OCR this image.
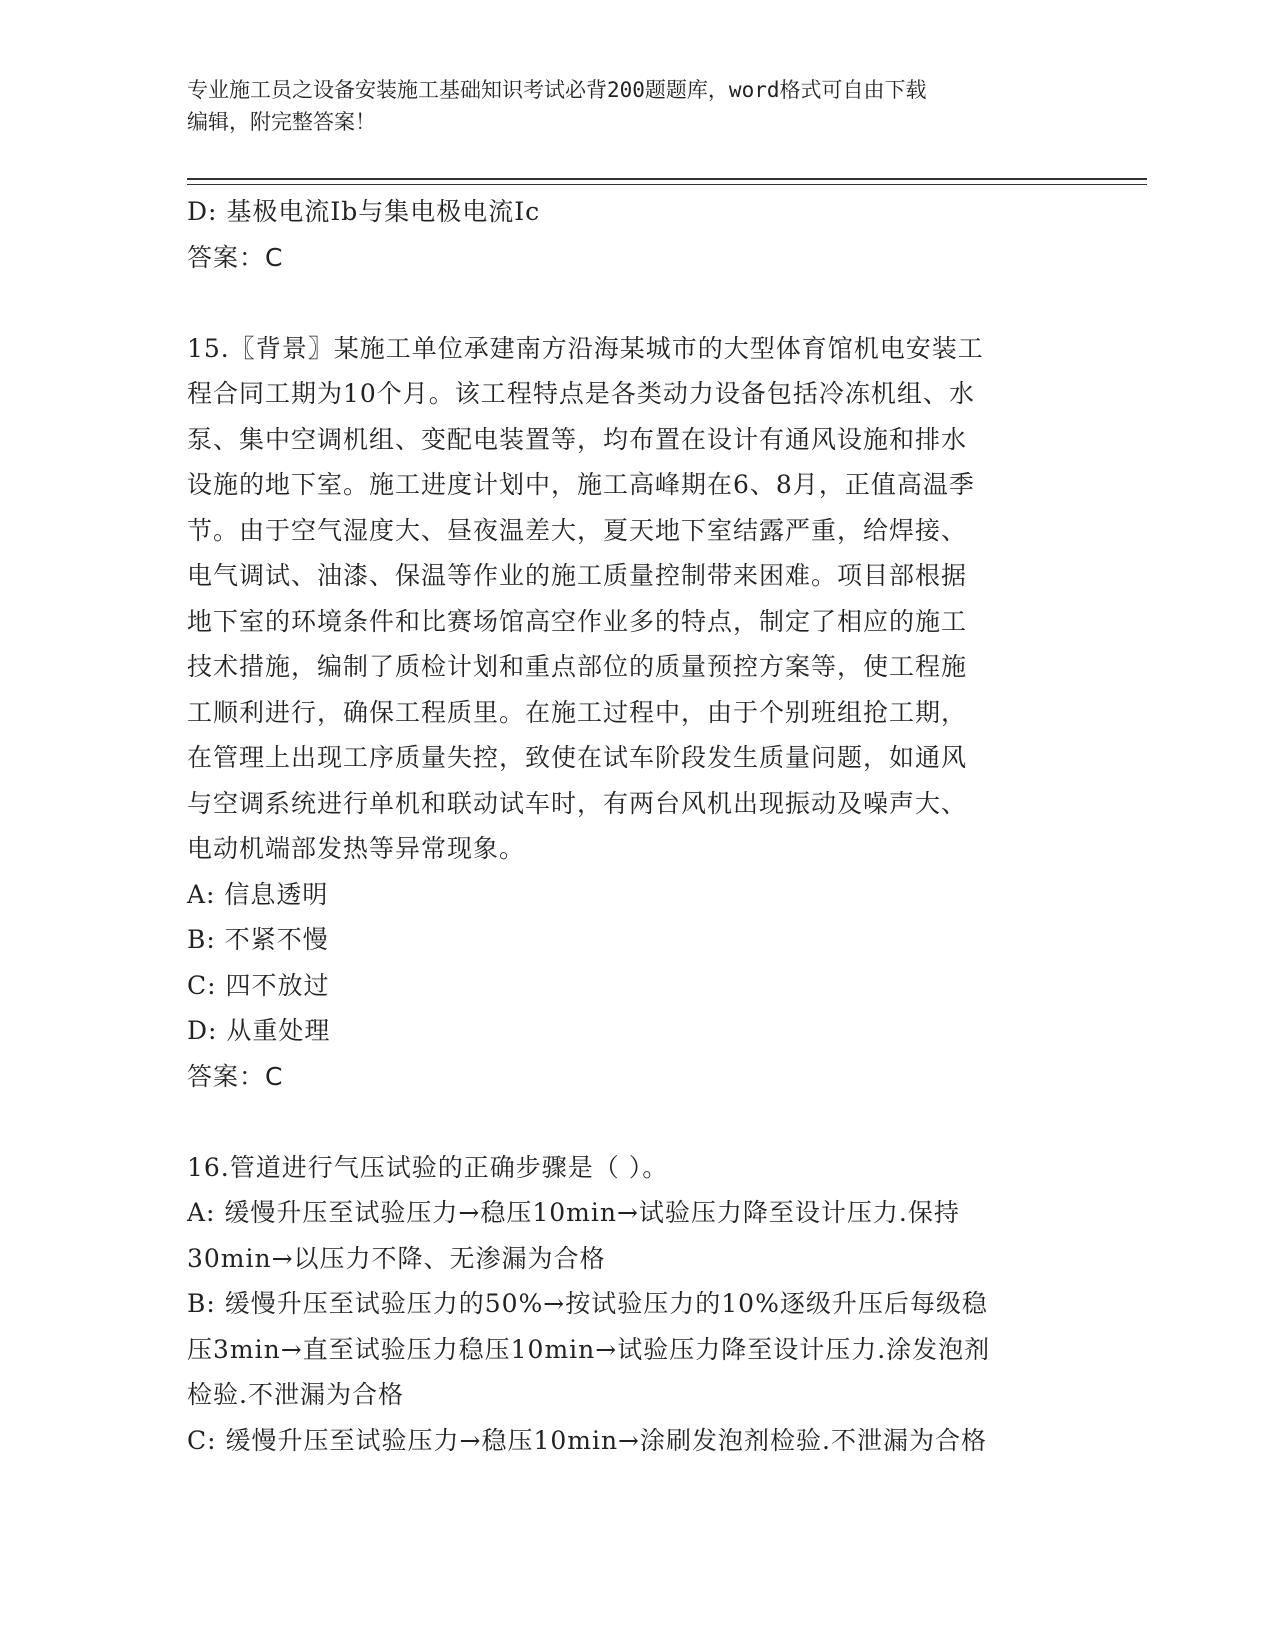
专业施工员之设备安装施工基础知识考试必背200题题库，word格式可自由下载
编辑，附完整答案！

D: 基极电流Ib与集电极电流Ic

答案：C

15.〖背景〗某施工单位承建南方沿海某城市的大型体育馆机电安装工

程合同工期为10个月。该工程特点是各类动力设备包括冷冻机组、水

泵、集中空调机组、变配电装置等，均布置在设计有通风设施和排水

设施的地下室。施工进度计划中，施工高峰期在6、8月，正值高温季

节。由于空气湿度大、昼夜温差大，夏天地下室结露严重，给焊接、

电气调试、油漆、保温等作业的施工质量控制带来困难。项目部根据

地下室的环境条件和比赛场馆高空作业多的特点，制定了相应的施工

技术措施，编制了质检计划和重点部位的质量预控方案等，使工程施

工顺利进行，确保工程质里。在施工过程中，由于个别班组抢工期，

在管理上出现工序质量失控，致使在试车阶段发生质量问题，如通风

与空调系统进行单机和联动试车时，有两台风机出现振动及噪声大、

电动机端部发热等异常现象。

A: 信息透明

B: 不紧不慢

C: 四不放过

D: 从重处理

答案：C

16.管道进行气压试验的正确步骤是（ ）。

A: 缓慢升压至试验压力→稳压10min→试验压力降至设计压力.保持

30min→以压力不降、无渗漏为合格

B: 缓慢升压至试验压力的50%→按试验压力的10%逐级升压后每级稳

压3min→直至试验压力稳压10min→试验压力降至设计压力.涂发泡剂

检验.不泄漏为合格

C: 缓慢升压至试验压力→稳压10min→涂刷发泡剂检验.不泄漏为合格
